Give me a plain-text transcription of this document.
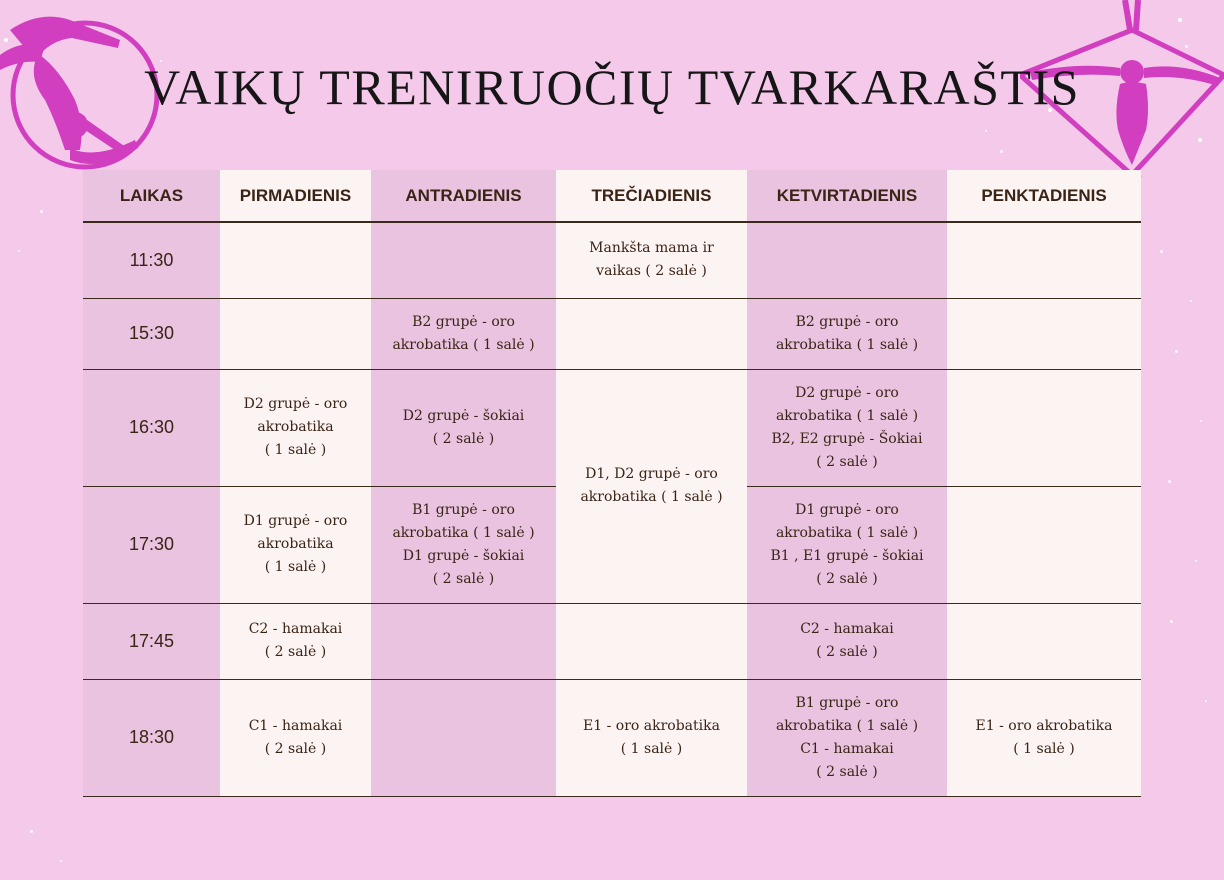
VAIKŲ TRENIRUOČIŲ TVARKARAŠTIS
LAIKAS	PIRMADIENIS	ANTRADIENIS	TREČIADIENIS	KETVIRTADIENIS	PENKTADIENIS
11:30			Mankšta mama ir
vaikas ( 2 salė )		

15:30		B2 grupė - oro
akrobatika ( 1 salė )		B2 grupė - oro
akrobatika ( 1 salė )	

16:30	D2 grupė - oro
akrobatika
( 1 salė )	D2 grupė - šokiai
( 2 salė )	D1, D2 grupė - oro
akrobatika ( 1 salė )	D2 grupė - oro
akrobatika ( 1 salė )
B2, E2 grupė - Šokiai
( 2 salė )	

17:30	D1 grupė - oro
akrobatika
( 1 salė )	B1 grupė - oro
akrobatika ( 1 salė )
D1 grupė - šokiai
( 2 salė )		D1 grupė - oro
akrobatika ( 1 salė )
B1 , E1 grupė - šokiai
( 2 salė )	

17:45	C2 - hamakai
( 2 salė )			C2 - hamakai
( 2 salė )	

18:30	C1 - hamakai
( 2 salė )		E1 - oro akrobatika
( 1 salė )	B1 grupė - oro
akrobatika ( 1 salė )
C1 - hamakai
( 2 salė )	E1 - oro akrobatika
( 1 salė )
